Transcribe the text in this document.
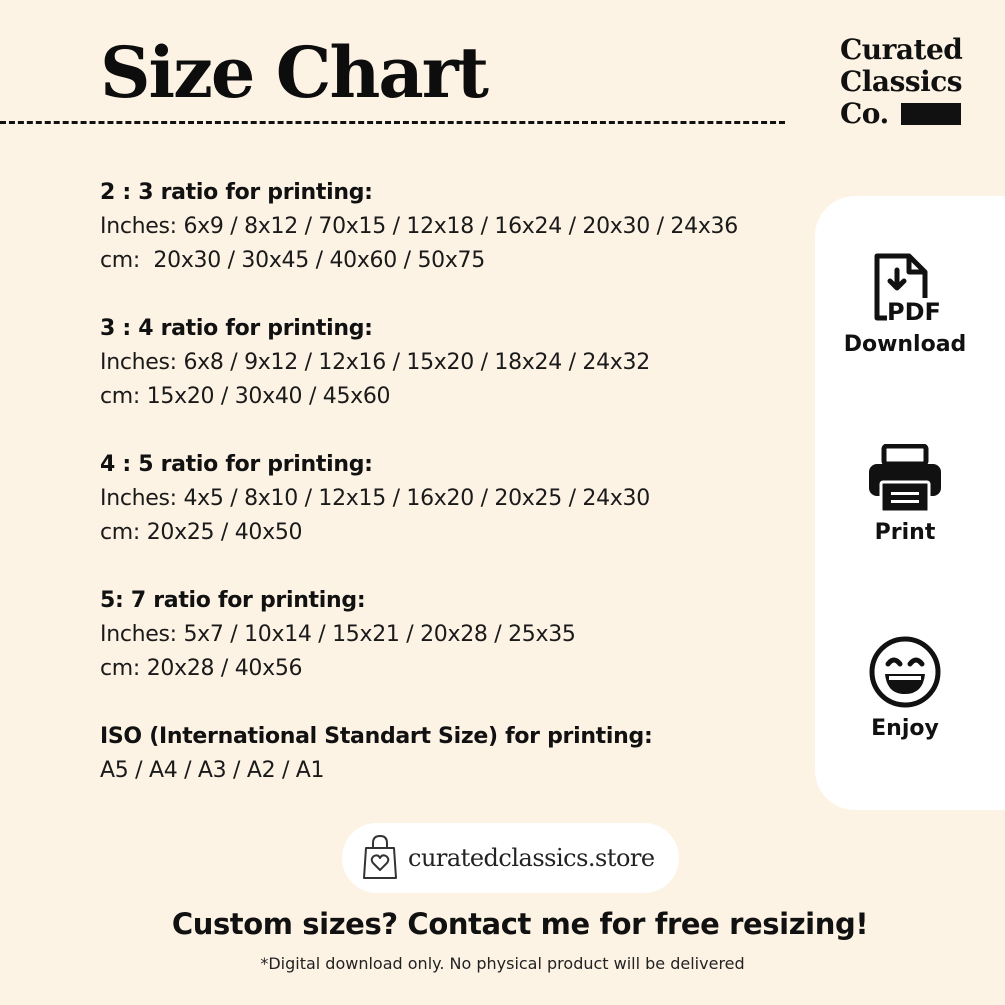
Size Chart	Curated
Classics
Co.
2 : 3 ratio for printing:
Inches: 6x9 / 8x12 / 70x15 / 12x18 / 16x24 / 20x30 / 24x36
cm:  20x30 / 30x45 / 40x60 / 50x75
3 : 4 ratio for printing:
Inches: 6x8 / 9x12 / 12x16 / 15x20 / 18x24 / 24x32
cm: 15x20 / 30x40 / 45x60
4 : 5 ratio for printing:
Inches: 4x5 / 8x10 / 12x15 / 16x20 / 20x25 / 24x30
cm: 20x25 / 40x50
5: 7 ratio for printing:
Inches: 5x7 / 10x14 / 15x21 / 20x28 / 25x35
cm: 20x28 / 40x56
ISO (International Standart Size) for printing:
A5 / A4 / A3 / A2 / A1
PDF
Download
Print
Enjoy
curatedclassics.store
Custom sizes? Contact me for free resizing!
*Digital download only. No physical product will be delivered
